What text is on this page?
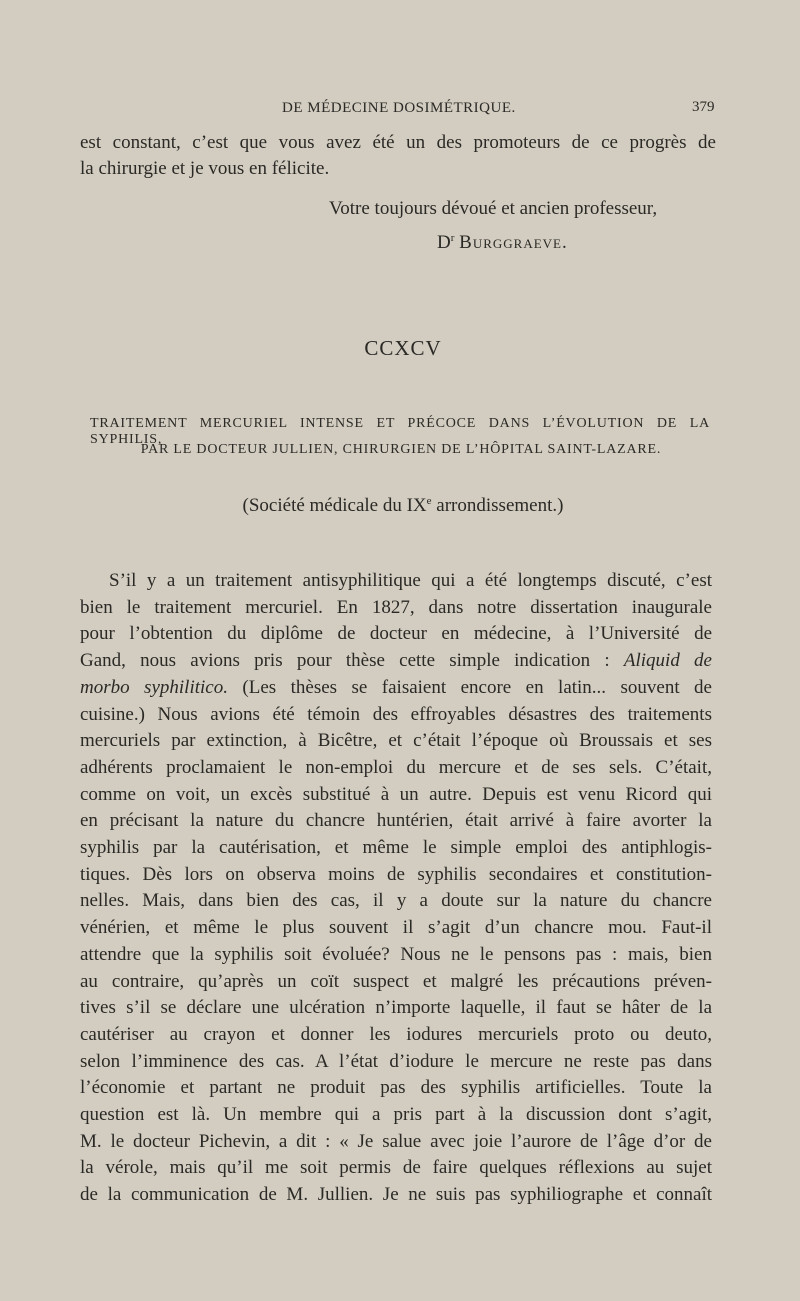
DE MÉDECINE DOSIMÉTRIQUE.	379
est constant, c’est que vous avez été un des promoteurs de ce progrès de
la chirurgie et je vous en félicite.
Votre toujours dévoué et ancien professeur,
$D^r$ Burggraeve.
CCXCV
TRAITEMENT MERCURIEL INTENSE ET PRÉCOCE DANS L’ÉVOLUTION DE LA SYPHILIS,
PAR LE DOCTEUR JULLIEN, CHIRURGIEN DE L’HÔPITAL SAINT-LAZARE.
(Société médicale du IXe arrondissement.)
S’il y a un traitement antisyphilitique qui a été longtemps discuté, c’est
bien le traitement mercuriel. En 1827, dans notre dissertation inaugurale
pour l’obtention du diplôme de docteur en médecine, à l’Université de
Gand, nous avions pris pour thèse cette simple indication : Aliquid de
morbo syphilitico. (Les thèses se faisaient encore en latin... souvent de
cuisine.) Nous avions été témoin des effroyables désastres des traitements
mercuriels par extinction, à Bicêtre, et c’était l’époque où Broussais et ses
adhérents proclamaient le non-emploi du mercure et de ses sels. C’était,
comme on voit, un excès substitué à un autre. Depuis est venu Ricord qui
en précisant la nature du chancre huntérien, était arrivé à faire avorter la
syphilis par la cautérisation, et même le simple emploi des antiphlogis-
tiques. Dès lors on observa moins de syphilis secondaires et constitution-
nelles. Mais, dans bien des cas, il y a doute sur la nature du chancre
vénérien, et même le plus souvent il s’agit d’un chancre mou. Faut-il
attendre que la syphilis soit évoluée? Nous ne le pensons pas : mais, bien
au contraire, qu’après un coït suspect et malgré les précautions préven-
tives s’il se déclare une ulcération n’importe laquelle, il faut se hâter de la
cautériser au crayon et donner les iodures mercuriels proto ou deuto,
selon l’imminence des cas. A l’état d’iodure le mercure ne reste pas dans
l’économie et partant ne produit pas des syphilis artificielles. Toute la
question est là. Un membre qui a pris part à la discussion dont s’agit,
M. le docteur Pichevin, a dit : « Je salue avec joie l’aurore de l’âge d’or de
la vérole, mais qu’il me soit permis de faire quelques réflexions au sujet
de la communication de M. Jullien. Je ne suis pas syphiliographe et connaît
